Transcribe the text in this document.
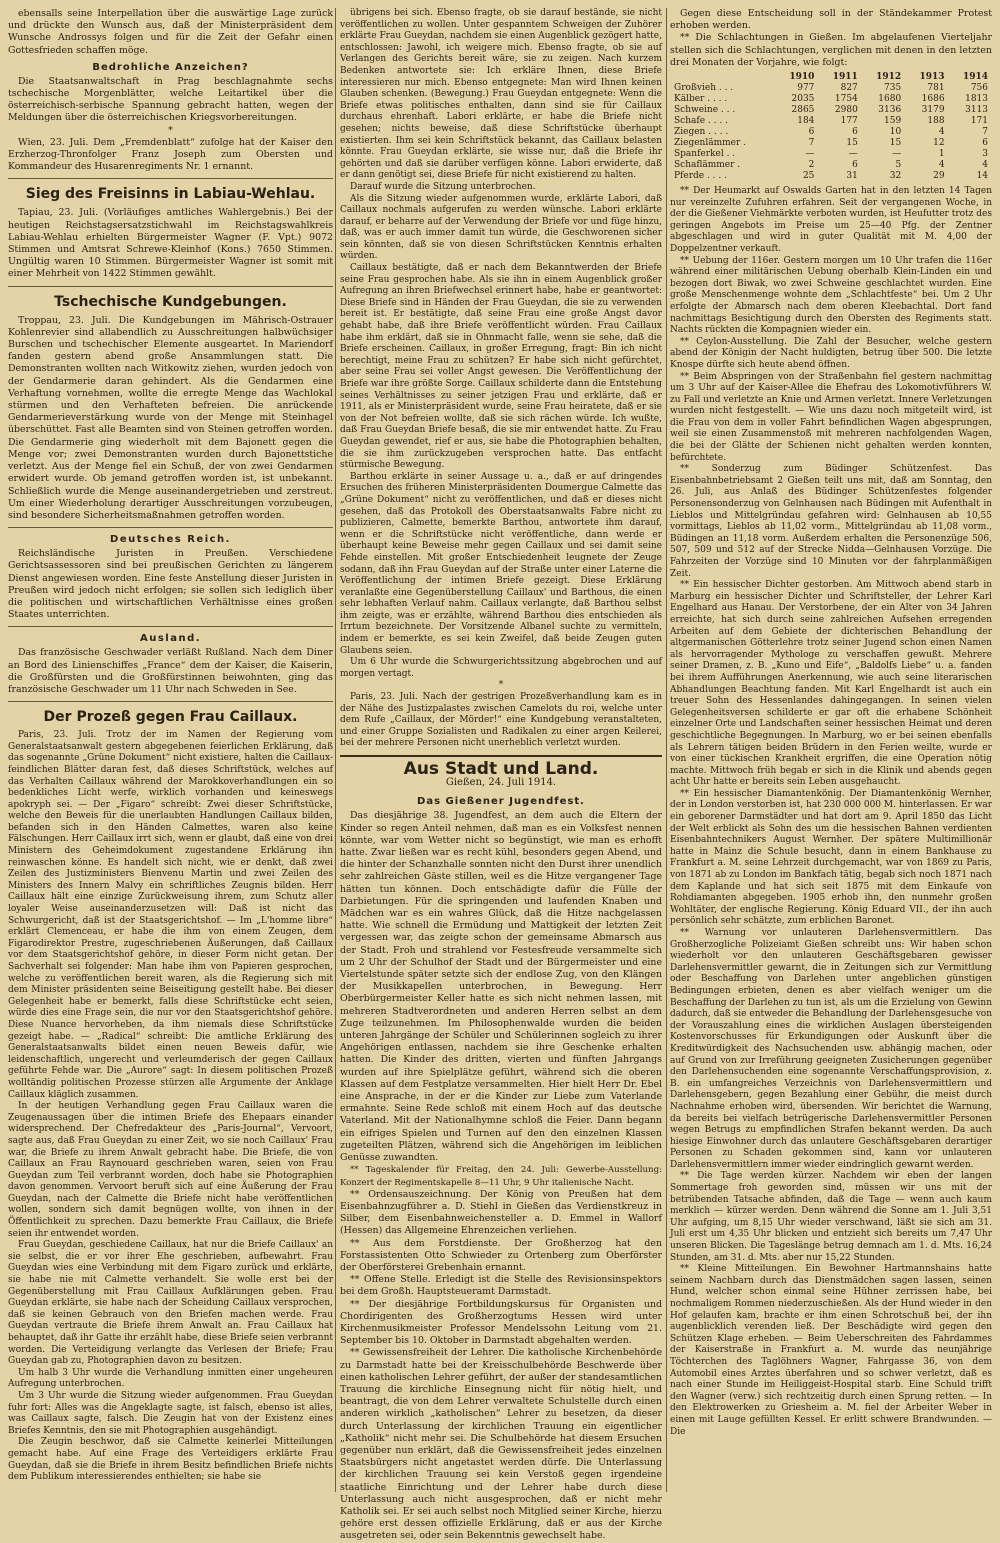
ebensalls seine Interpellation über die auswärtige Lage zurück und drückte den Wunsch aus, daß der Ministerpräsident dem Wunsche Androssys folgen und für die Zeit der Gefahr einen Gottesfrieden schaffen möge.

Bedrohliche Anzeichen?

Die Staatsanwaltschaft in Prag beschlagnahmte sechs tschechische Morgenblätter, welche Leitartikel über die österreichisch-serbische Spannung gebracht hatten, wegen der Meldungen über die österreichischen Kriegsvorbereitungen.

*

Wien, 23. Juli. Dem „Fremdenblatt“ zufolge hat der Kaiser den Erzherzog-Thronfolger Franz Joseph zum Obersten und Kommandeur des Husarenregiments Nr. 1 ernannt.

Sieg des Freisinns in Labiau-Wehlau.

Tapiau, 23. Juli. (Vorläufiges amtliches Wahlergebnis.) Bei der heutigen Reichstagsersatzstichwahl im Reichstagswahlkreis Labiau-Wehlau erhielten Bürgermeister Wagner (F. Vpt.) 9072 Stimmen und Amtsrat Schrewe-Kleinhof (Kons.) 7650 Stimmen. Ungültig waren 10 Stimmen. Bürgermeister Wagner ist somit mit einer Mehrheit von 1422 Stimmen gewählt.

Tschechische Kundgebungen.

Troppau, 23. Juli. Die Kundgebungen im Mährisch-Ostrauer Kohlenrevier sind allabendlich zu Ausschreitungen halbwüchsiger Burschen und tschechischer Elemente ausgeartet. In Mariendorf fanden gestern abend große Ansammlungen statt. Die Demonstranten wollten nach Witkowitz ziehen, wurden jedoch von der Gendarmerie daran gehindert. Als die Gendarmen eine Verhaftung vornehmen, wollte die erregte Menge das Wachlokal stürmen und den Verhafteten befreien. Die anrückende Gendarmerieverstärkung wurde von der Menge mit Steinhagel überschüttet. Fast alle Beamten sind von Steinen getroffen worden. Die Gendarmerie ging wiederholt mit dem Bajonett gegen die Menge vor; zwei Demonstranten wurden durch Bajonettstiche verletzt. Aus der Menge fiel ein Schuß, der von zwei Gendarmen erwidert wurde. Ob jemand getroffen worden ist, ist unbekannt. Schließlich wurde die Menge auseinandergetrieben und zerstreut. Um einer Wiederholung derartiger Ausschreitungen vorzubeugen, sind besondere Sicherheitsmaßnahmen getroffen worden.

Deutsches Reich.

Reichsländische Juristen in Preußen. Verschiedene Gerichtsassessoren sind bei preußischen Gerichten zu längerem Dienst angewiesen worden. Eine feste Anstellung dieser Juristen in Preußen wird jedoch nicht erfolgen; sie sollen sich lediglich über die politischen und wirtschaftlichen Verhältnisse eines großen Staates unterrichten.

Ausland.

Das französische Geschwader verläßt Rußland. Nach dem Diner an Bord des Linienschiffes „France“ dem der Kaiser, die Kaiserin, die Großfürsten und die Großfürstinnen beiwohnten, ging das französische Geschwader um 11 Uhr nach Schweden in See.

Der Prozeß gegen Frau Caillaux.

Paris, 23. Juli. Trotz der im Namen der Regierung vom Generalstaatsanwalt gestern abgegebenen feierlichen Erklärung, daß das sogenannte „Grüne Dokument“ nicht existiere, halten die Caillaux-feindlichen Blätter daran fest, daß dieses Schriftstück, welches auf das Verhalten Caillaux während der Marokkoverhandlungen ein so bedenkliches Licht werfe, wirklich vorhanden und keineswegs apokryph sei. — Der „Figaro“ schreibt: Zwei dieser Schriftstücke, welche den Beweis für die unerlaubten Handlungen Caillaux bilden, befanden sich in den Händen Calmettes, waren also keine Fälschungen. Herr Caillaux irrt sich, wenn er glaubt, daß eine von drei Ministern des Geheimdokument zugestandene Erklärung ihn reinwaschen könne. Es handelt sich nicht, wie er denkt, daß zwei Zeilen des Justizministers Bienvenu Martin und zwei Zeilen des Ministers des Innern Malvy ein schriftliches Zeugnis bilden. Herr Caillaux hält eine einzige Zurückweisung ihrem, zum Schutz aller loyaler Weise auseinanderzusetzen will: Daß ist nicht das Schwurgericht, daß ist der Staatsgerichtshof. — Im „L'homme libre“ erklärt Clemenceau, er habe die ihm von einem Zeugen, dem Figarodirektor Prestre, zugeschriebenen Äußerungen, daß Caillaux vor dem Staatsgerichtshof gehöre, in dieser Form nicht getan. Der Sachverhalt sei folgender: Man habe ihm von Papieren gesprochen, welche zu veröffentlichen bereit waren, als die Regierung sich mit dem Minister präsidenten seine Beiseitigung gestellt habe. Bei dieser Gelegenheit habe er bemerkt, falls diese Schriftstücke echt seien, würde dies eine Frage sein, die nur vor den Staatsgerichtshof gehöre. Diese Nuance hervorheben, da ihm niemals diese Schriftstücke gezeigt habe. — „Radical“ schreibt: Die amtliche Erklärung des Generalstaatsanwalts bildet einen neuen Beweis dafür, wie leidenschaftlich, ungerecht und verleumderisch der gegen Caillaux geführte Fehde war. Die „Aurore“ sagt: In diesem politischen Prozeß wolltändig politischen Prozesse stürzen alle Argumente der Anklage Caillaux kläglich zusammen.

In der heutigen Verhandlung gegen Frau Caillaux waren die Zeugenaussagen über die intimen Briefe des Ehepaars einander widersprechend. Der Chefredakteur des „Paris-Journal“, Vervoort, sagte aus, daß Frau Gueydan zu einer Zeit, wo sie noch Caillaux' Frau war, die Briefe zu ihrem Anwalt gebracht habe. Die Briefe, die von Caillaux an Frau Raynouard geschrieben waren, seien von Frau Gueydan zum Teil verbrannt worden, doch habe sie Photographien davon genommen. Vervoort beruft sich auf eine Äußerung der Frau Gueydan, nach der Calmette die Briefe nicht habe veröffentlichen wollen, sondern sich damit begnügen wollte, von ihnen in der Öffentlichkeit zu sprechen. Dazu bemerkte Frau Caillaux, die Briefe seien ihr entwendet worden.

Frau Gueydan, geschiedene Caillaux, hat nur die Briefe Caillaux' an sie selbst, die er vor ihrer Ehe geschrieben, aufbewahrt. Frau Gueydan wies eine Verbindung mit dem Figaro zurück und erklärte, sie habe nie mit Calmette verhandelt. Sie wolle erst bei der Gegenüberstellung mit Frau Caillaux Aufklärungen geben. Frau Gueydan erklärte, sie habe nach der Scheidung Caillaux versprochen, daß sie keinen Gebrauch von den Briefen machen werde. Frau Gueydan vertraute die Briefe ihrem Anwalt an. Frau Caillaux hat behauptet, daß ihr Gatte ihr erzählt habe, diese Briefe seien verbrannt worden. Die Verteidigung verlangte das Verlesen der Briefe; Frau Gueydan gab zu, Photographien davon zu besitzen.

Um halb 3 Uhr wurde die Verhandlung inmitten einer ungeheuren Aufregung unterbrochen.

Um 3 Uhr wurde die Sitzung wieder aufgenommen. Frau Gueydan fuhr fort: Alles was die Angeklagte sagte, ist falsch, ebenso ist alles, was Caillaux sagte, falsch. Die Zeugin hat von der Existenz eines Briefes Kenntnis, den sie mit Photographien ausgehändigt.

Die Zeugin beschwor, daß sie Calmette keinerlei Mitteilungen gemacht habe. Auf eine Frage des Verteidigers erklärte Frau Gueydan, daß sie die Briefe in ihrem Besitz befindlichen Briefe nichts dem Publikum interessierendes enthielten; sie habe sie

übrigens bei sich. Ebenso fragte, ob sie darauf bestände, sie nicht veröffentlichen zu wollen. Unter gespanntem Schweigen der Zuhörer erklärte Frau Gueydan, nachdem sie einen Augenblick gezögert hatte, entschlossen: Jawohl, ich weigere mich. Ebenso fragte, ob sie auf Verlangen des Gerichts bereit wäre, sie zu zeigen. Nach kurzem Bedenken antwortete sie: Ich erkläre Ihnen, diese Briefe interessieren nur mich. Ebenso entgegnete: Man wird Ihnen keinen Glauben schenken. (Bewegung.) Frau Gueydan entgegnete: Wenn die Briefe etwas politisches enthalten, dann sind sie für Caillaux durchaus ehrenhaft. Labori erklärte, er habe die Briefe nicht gesehen; nichts beweise, daß diese Schriftstücke überhaupt existierten. Ihm sei kein Schriftstück bekannt, das Caillaux belasten könnte. Frau Gueydan erklärte, sie wisse nur, daß die Briefe ihr gehörten und daß sie darüber verfügen könne. Labori erwiderte, daß er dann genötigt sei, diese Briefe für nicht existierend zu halten.

Darauf wurde die Sitzung unterbrochen.

Als die Sitzung wieder aufgenommen wurde, erklärte Labori, daß Caillaux nochmals aufgerufen zu werden wünsche. Labori erklärte darauf, er beharre auf der Verwendung der Briefe vor und füge hinzu, daß, was er auch immer damit tun würde, die Geschworenen sicher sein könnten, daß sie von diesen Schriftstücken Kenntnis erhalten würden.

Caillaux bestätigte, daß er nach dem Bekanntwerden der Briefe seine Frau gesprochen habe. Als sie ihn in einem Augenblick großer Aufregung an ihren Briefwechsel erinnert habe, habe er geantwortet: Diese Briefe sind in Händen der Frau Gueydan, die sie zu verwenden bereit ist. Er bestätigte, daß seine Frau eine große Angst davor gehabt habe, daß ihre Briefe veröffentlicht würden. Frau Caillaux habe ihm erklärt, daß sie in Ohnmacht falle, wenn sie sehe, daß die Briefe erscheinen. Caillaux, in großer Erregung, fragt: Bin ich nicht berechtigt, meine Frau zu schützen? Er habe sich nicht gefürchtet, aber seine Frau sei voller Angst gewesen. Die Veröffentlichung der Briefe war ihre größte Sorge. Caillaux schilderte dann die Entstehung seines Verhältnisses zu seiner jetzigen Frau und erklärte, daß er 1911, als er Ministerpräsident wurde, seine Frau heiratete, daß er sie von der Not befreien wollte, daß sie sich rächen würde. Ich wußte, daß Frau Gueydan Briefe besaß, die sie mir entwendet hatte. Zu Frau Gueydan gewendet, rief er aus, sie habe die Photographien behalten, die sie ihm zurückzugeben versprochen hatte. Das entfacht stürmische Bewegung.

Barthou erklärte in seiner Aussage u. a., daß er auf dringendes Ersuchen des früheren Ministerpräsidenten Doumergue Calmette das „Grüne Dokument“ nicht zu veröffentlichen, und daß er dieses nicht gesehen, daß das Protokoll des Oberstaatsanwalts Fabre nicht zu publizieren, Calmette, bemerkte Barthou, antwortete ihm darauf, wenn er die Schriftstücke nicht veröffentliche, dann werde er überhaupt keine Beweise mehr gegen Caillaux und sei damit seine Fehde einstellen. Mit großer Entschiedenheit leugnete der Zeuge sodann, daß ihn Frau Gueydan auf der Straße unter einer Laterne die Veröffentlichung der intimen Briefe gezeigt. Diese Erklärung veranlaßte eine Gegenüberstellung Caillaux' und Barthous, die einen sehr lebhaften Verlauf nahm. Caillaux verlangte, daß Barthou selbst ihm zeigte, was er erzählte, während Barthou dies entschieden als Irrtum bezeichnete. Der Vorsitzende Albanel suchte zu vermitteln, indem er bemerkte, es sei kein Zweifel, daß beide Zeugen guten Glaubens seien.

Um 6 Uhr wurde die Schwurgerichtssitzung abgebrochen und auf morgen vertagt.

*

Paris, 23. Juli. Nach der gestrigen Prozeßverhandlung kam es in der Nähe des Justizpalastes zwischen Camelots du roi, welche unter dem Rufe „Caillaux, der Mörder!“ eine Kundgebung veranstalteten, und einer Gruppe Sozialisten und Radikalen zu einer argen Keilerei, bei der mehrere Personen nicht unerheblich verletzt wurden.

Aus Stadt und Land.
Gießen, 24. Juli 1914.
Das Gießener Jugendfest.

Das diesjährige 38. Jugendfest, an dem auch die Eltern der Kinder so regen Anteil nehmen, daß man es ein Volksfest nennen könnte, war vom Wetter nicht so begünstigt, wie man es erhofft hatte. Zwar ließen war es recht kühl, besonders gegen Abend, und die hinter der Schanzhalle sonnten nicht den Durst ihrer unendlich sehr zahlreichen Gäste stillen, weil es die Hitze vergangener Tage hätten tun können. Doch entschädigte dafür die Fülle der Darbietungen. Für die springenden und laufenden Knaben und Mädchen war es ein wahres Glück, daß die Hitze nachgelassen hatte. Wie schnell die Ermüdung und Mattigkeit der letzten Zeit vergessen war, das zeigte schon der gemeinsame Abmarsch aus der Stadt. Froh und strahlend vor Festesfreude versammelte sich um 2 Uhr der Schulhof der Stadt und der Bürgermeister und eine Viertelstunde später setzte sich der endlose Zug, von den Klängen der Musikkapellen unterbrochen, in Bewegung. Herr Oberbürgermeister Keller hatte es sich nicht nehmen lassen, mit mehreren Stadtverordneten und anderen Herren selbst an dem Zuge teilzunehmen. Im Philosophenwalde wurden die beiden unteren Jahrgänge der Schüler und Schülerinnen sogleich zu ihrer Angehörigen entlassen, nachdem sie ihre Geschenke erhalten hatten. Die Kinder des dritten, vierten und fünften Jahrgangs wurden auf ihre Spielplätze geführt, während sich die oberen Klassen auf dem Festplatze versammelten. Hier hielt Herr Dr. Ebel eine Ansprache, in der er die Kinder zur Liebe zum Vaterlande ermahnte. Seine Rede schloß mit einem Hoch auf das deutsche Vaterland. Mit der Nationalhymne schloß die Feier. Dann begann ein eifriges Spielen und Turnen auf den den einzelnen Klassen zugeteilten Plätzen, während sich die Angehörigen im leiblichen Genüsse zuwandten.

** Tageskalender für Freitag, den 24. Juli: Gewerbe-Ausstellung: Konzert der Regimentskapelle 8—11 Uhr, 9 Uhr italienische Nacht.

** Ordensauszeichnung. Der König von Preußen hat dem Eisenbahnzugführer a. D. Stiehl in Gießen das Verdienstkreuz in Silber, dem Eisenbahnweichensteller a. D. Emmel in Wallorf (Hessen) das Allgemeine Ehrenzeichen verliehen.

** Aus dem Forstdienste. Der Großherzog hat den Forstassistenten Otto Schwieder zu Ortenberg zum Oberförster der Oberförsterei Grebenhain ernannt.

** Offene Stelle. Erledigt ist die Stelle des Revisionsinspektors bei dem Großh. Hauptsteueramt Darmstadt.

** Der diesjährige Fortbildungskursus für Organisten und Chordirigenten des Großherzogtums Hessen wird unter Kirchenmusikmeister Professor Mendelssohn Leitung vom 21. September bis 10. Oktober in Darmstadt abgehalten werden.

** Gewissensfreiheit der Lehrer. Die katholische Kirchenbehörde zu Darmstadt hatte bei der Kreisschulbehörde Beschwerde über einen katholischen Lehrer geführt, der außer der standesamtlichen Trauung die kirchliche Einsegnung nicht für nötig hielt, und beantragt, die von dem Lehrer verwaltete Schulstelle durch einen anderen wirklich „katholischen“ Lehrer zu besetzen, da dieser durch Unterlassung der kirchlichen Trauung ein eigentlicher „Katholik“ nicht mehr sei. Die Schulbehörde hat diesem Ersuchen gegenüber nun erklärt, daß die Gewissensfreiheit jedes einzelnen Staatsbürgers nicht angetastet werden dürfe. Die Unterlassung der kirchlichen Trauung sei kein Verstoß gegen irgendeine staatliche Einrichtung und der Lehrer habe durch diese Unterlassung auch nicht ausgesprochen, daß er nicht mehr Katholik sei. Er sei auch selbst noch Mitglied seiner Kirche, hierzu gehöre erst dessen offizielle Erklärung, daß er aus der Kirche ausgetreten sei, oder sein Bekenntnis gewechselt habe.

Gegen diese Entscheidung soll in der Ständekammer Protest erhoben werden.

** Die Schlachtungen in Gießen. Im abgelaufenen Vierteljahr stellen sich die Schlachtungen, verglichen mit denen in den letzten drei Monaten der Vorjahre, wie folgt:

	1910	1911	1912	1913	1914
Großvieh . . .	977	827	735	781	756
Kälber . . . .	2035	1754	1680	1686	1813
Schweine . . .	2865	2980	3136	3179	3113
Schafe . . . .	184	177	159	188	171
Ziegen . . . .	6	6	10	4	7
Ziegenlämmer .	7	15	15	12	6
Spanferkel . .	—	—	—	1	3
Schaflämmer .	2	6	5	4	4
Pferde . . . .	25	31	32	29	14

** Der Heumarkt auf Oswalds Garten hat in den letzten 14 Tagen nur vereinzelte Zufuhren erfahren. Seit der vergangenen Woche, in der die Gießener Viehmärkte verboten wurden, ist Heufutter trotz des geringen Angebots im Preise um 25—40 Pfg. der Zentner abgeschlagen und wird in guter Qualität mit M. 4,00 der Doppelzentner verkauft.

** Uebung der 116er. Gestern morgen um 10 Uhr trafen die 116er während einer militärischen Uebung oberhalb Klein-Linden ein und bezogen dort Biwak, wo zwei Schweine geschlachtet wurden. Eine große Menschenmenge wohnte dem „Schlachtfeste“ bei. Um 2 Uhr erfolgte der Abmarsch nach dem oberen Kleebachtal. Dort fand nachmittags Besichtigung durch den Obersten des Regiments statt. Nachts rückten die Kompagnien wieder ein.

** Ceylon-Ausstellung. Die Zahl der Besucher, welche gestern abend der Königin der Nacht huldigten, betrug über 500. Die letzte Knospe dürfte sich heute abend öffnen.

** Beim Abspringen von der Straßenbahn fiel gestern nachmittag um 3 Uhr auf der Kaiser-Allee die Ehefrau des Lokomotivführers W. zu Fall und verletzte an Knie und Armen verletzt. Innere Verletzungen wurden nicht festgestellt. — Wie uns dazu noch mitgeteilt wird, ist die Frau von dem in voller Fahrt befindlichen Wagen abgesprungen, weil sie einen Zusammenstoß mit mehreren nachfolgenden Wagen, die bei der Glätte der Schienen nicht gehalten werden konnten, befürchtete.

** Sonderzug zum Büdinger Schützenfest. Das Eisenbahnbetriebsamt 2 Gießen teilt uns mit, daß am Sonntag, den 26. Juli, aus Anlaß des Büdinger Schützenfestes folgender Personensonderzug von Gelnhausen nach Büdingen mit Aufenthalt in Lieblos und Mittelgründau gefahren wird: Gelnhausen ab 10,55 vormittags, Lieblos ab 11,02 vorm., Mittelgründau ab 11,08 vorm., Büdingen an 11,18 vorm. Außerdem erhalten die Personenzüge 506, 507, 509 und 512 auf der Strecke Nidda—Gelnhausen Vorzüge. Die Fahrzeiten der Vorzüge sind 10 Minuten vor der fahrplanmäßigen Zeit.

** Ein hessischer Dichter gestorben. Am Mittwoch abend starb in Marburg ein hessischer Dichter und Schriftsteller, der Lehrer Karl Engelhard aus Hanau. Der Verstorbene, der ein Alter von 34 Jahren erreichte, hat sich durch seine zahlreichen Aufsehen erregenden Arbeiten auf dem Gebiete der dichterischen Behandlung der altgermanischen Götterlehre trotz seiner Jugend schon einen Namen als hervorragender Mythologe zu verschaffen gewußt. Mehrere seiner Dramen, z. B. „Kuno und Eife“, „Baldolfs Liebe“ u. a. fanden bei ihrem Aufführungen Anerkennung, wie auch seine literarischen Abhandlungen Beachtung fanden. Mit Karl Engelhardt ist auch ein treuer Sohn des Hessenlandes dahingegangen. In seinen vielen Gelegenheitsversen schilderte er gar oft die erhabene Schönheit einzelner Orte und Landschaften seiner hessischen Heimat und deren geschichtliche Begegnungen. In Marburg, wo er bei seinen ebenfalls als Lehrern tätigen beiden Brüdern in den Ferien weilte, wurde er von einer tückischen Krankheit ergriffen, die eine Operation nötig machte. Mittwoch früh begab er sich in die Klinik und abends gegen acht Uhr hatte er bereits sein Leben ausgehaucht.

** Ein hessischer Diamantenkönig. Der Diamantenkönig Wernher, der in London verstorben ist, hat 230 000 000 M. hinterlassen. Er war ein geborener Darmstädter und hat dort am 9. April 1850 das Licht der Welt erblickt als Sohn des um die hessischen Bahnen verdienten Eisenbahntechnikers August Wernher. Der spätere Multimillionär hatte in Mainz die Schule besucht, dann in einem Bankhause zu Frankfurt a. M. seine Lehrzeit durchgemacht, war von 1869 zu Paris, von 1871 ab zu London im Bankfach tätig, begab sich noch 1871 nach dem Kaplande und hat sich seit 1875 mit dem Einkaufe von Rohdiamanten abgegeben. 1905 erhob ihn, den nunmehr großen Wohltäter, der englische Regierung. König Eduard VII., der ihn auch persönlich sehr schätzte, zum erblichen Baronet.

** Warnung vor unlauteren Darlehensvermittlern. Das Großherzogliche Polizeiamt Gießen schreibt uns: Wir haben schon wiederholt vor den unlauteren Geschäftsgebaren gewisser Darlehensvermittler gewarnt, die in Zeitungen sich zur Vermittlung oder Beschaffung von Darlehen unter angeblichen günstigen Bedingungen erbieten, denen es aber vielfach weniger um die Beschaffung der Darlehen zu tun ist, als um die Erzielung von Gewinn dadurch, daß sie entweder die Behandlung der Darlehensgesuche von der Vorauszahlung eines die wirklichen Auslagen übersteigenden Kostenvorschusses für Erkundigungen oder Auskunft über die Kreditwürdigkeit des Nachsuchenden usw. abhängig machen, oder auf Grund von zur Irreführung geeigneten Zusicherungen gegenüber den Darlehensuchenden eine sogenannte Verschaffungsprovision, z. B. ein umfangreiches Verzeichnis von Darlehensvermittlern und Darlehensgebern, gegen Bezahlung einer Gebühr, die meist durch Nachnahme erhoben wird, übersenden. Wir berichtet die Warnung, da bereits bei vielfach betrügerische Darlehensvermittler Personen wegen Betrugs zu empfindlichen Strafen bekannt werden. Da auch hiesige Einwohner durch das unlautere Geschäftsgebaren derartiger Personen zu Schaden gekommen sind, kann vor unlauteren Darlehensvermittlern immer wieder eindringlich gewarnt werden.

** Die Tage werden kürzer. Nachdem wir eben der langen Sommertage froh geworden sind, müssen wir uns mit der betrübenden Tatsache abfinden, daß die Tage — wenn auch kaum merklich — kürzer werden. Denn während die Sonne am 1. Juli 3,51 Uhr aufging, um 8,15 Uhr wieder verschwand, läßt sie sich am 31. Juli erst um 4,35 Uhr blicken und entzieht sich bereits um 7,47 Uhr unseren Blicken. Die Tageslänge betrug demnach am 1. d. Mts. 16,24 Stunden, am 31. d. Mts. aber nur 15,22 Stunden.

** Kleine Mitteilungen. Ein Bewohner Hartmannshains hatte seinem Nachbarn durch das Dienstmädchen sagen lassen, seinen Hund, welcher schon einmal seine Hühner zerrissen habe, bei nochmaligem Rommen niederzuschießen. Als der Hund wieder in den Hof gelaufen kam, brachte er ihm einen Schrotschuß bei, der ihn augenblicklich verenden ließ. Der Beschädigte wird gegen den Schützen Klage erheben. — Beim Ueberschreiten des Fahrdammes der Kaiserstraße in Frankfurt a. M. wurde das neunjährige Töchterchen des Taglöhners Wagner, Fahrgasse 36, von dem Automobil eines Arztes überfahren und so schwer verletzt, daß es nach einer Stunde im Heiliggeist-Hospital starb. Eine Schuld trifft den Wagner (verw.) sich rechtzeitig durch einen Sprung retten. — In den Elektrowerken zu Griesheim a. M. fiel der Arbeiter Weber in einen mit Lauge gefüllten Kessel. Er erlitt schwere Brandwunden. — Die
